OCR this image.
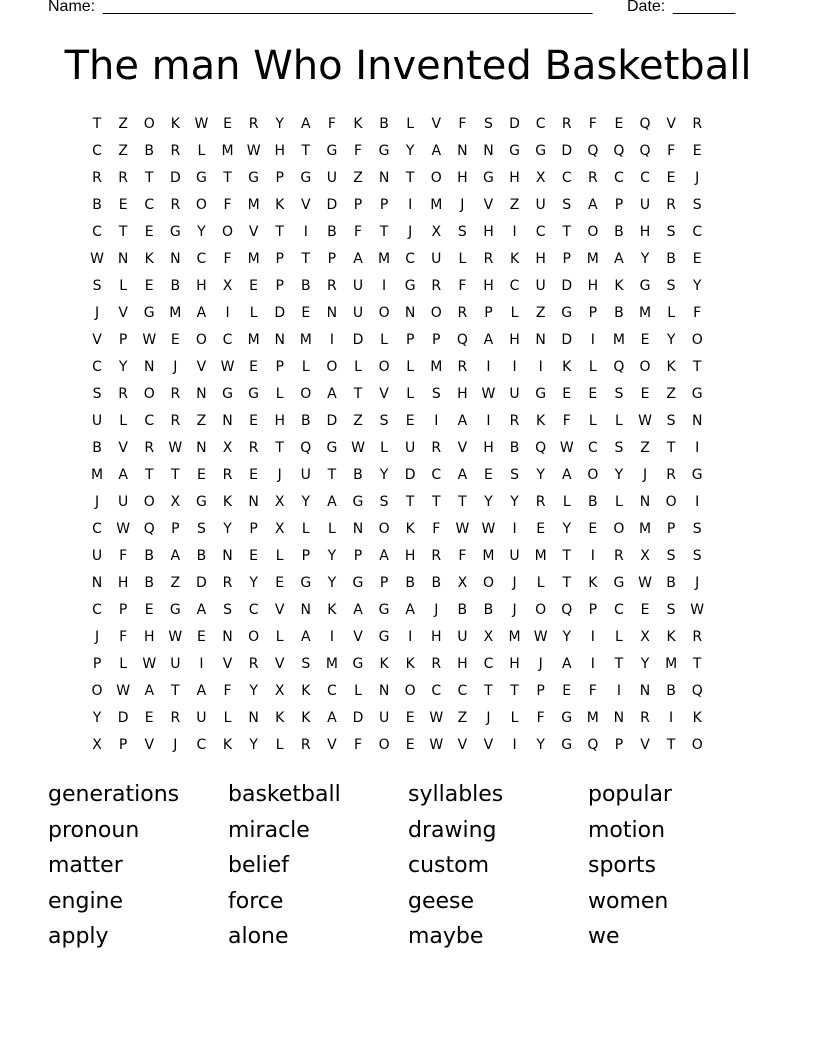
Name: _______________________________________________________ Date: _______
The man Who Invented Basketball
T	Z	O	K	W	E	R	Y	A	F	K	B	L	V	F	S	D	C	R	F	E	Q	V	R
C	Z	B	R	L	M W H	T	G	F	G	Y	A	N	N	G	G	D	Q	Q	Q	F	E
R	R	T	D	G	T	G	P	G	U	Z	N	T	O	H	G	H	X	C	R	C	C	E	J
B	E	C	R	O	F	M	K	V	D	P	P	I	M	J	V	Z	U	S	A	P	U	R	S
C	T	E	G	Y	O	V	T	I	B	F	T	J	X	S	H	I	C	T	O	B	H	S	C
W N	K	N	C	F	M	P	T	P	A	M	C	U	L	R	K	H	P	M	A	Y	B	E
S	L	E	B	H	X	E	P	B	R	U	I	G	R	F	H	C	U	D	H	K	G	S	Y
J	V	G	M	A	I	L	D	E	N	U	O	N	O	R	P	L	Z	G	P	B	M	L	F
V	P	W	E	O	C	M	N	M	I	D	L	P	P	Q	A	H	N	D	I	M	E	Y	O
C	Y	N	J	V	W	E	P	L	O	L	O	L	M	R	I	I	I	K	L	Q	O	K	T
S	R	O	R	N	G	G	L	O	A	T	V	L	S	H W	U	G	E	E	S	E	Z	G
U	L	C	R	Z	N	E	H	B	D	Z	S	E	I	A	I	R	K	F	L	L	W	S	N
B	V	R	W N	X	R	T	Q	G W	L	U	R	V	H	B	Q W	C	S	Z	T	I
M	A	T	T	E	R	E	J	U	T	B	Y	D	C	A	E	S	Y	A	O	Y	J	R	G
J	U	O	X	G	K	N	X	Y	A	G	S	T	T	T	Y	Y	R	L	B	L	N	O	I
C	W Q	P	S	Y	P	X	L	L	N	O	K	F	W W	I	E	Y	E	O	M	P	S
U	F	B	A	B	N	E	L	P	Y	P	A	H	R	F	M	U	M	T	I	R	X	S	S
N	H	B	Z	D	R	Y	E	G	Y	G	P	B	B	X	O	J	L	T	K	G W	B	J
C	P	E	G	A	S	C	V	N	K	A	G	A	J	B	B	J	O	Q	P	C	E	S	W
J	F	H W	E	N	O	L	A	I	V	G	I	H	U	X	M W	Y	I	L	X	K	R
P	L	W	U	I	V	R	V	S	M	G	K	K	R	H	C	H	J	A	I	T	Y	M	T
O W	A	T	A	F	Y	X	K	C	L	N	O	C	C	T	T	P	E	F	I	N	B	Q
Y	D	E	R	U	L	N	K	K	A	D	U	E	W	Z	J	L	F	G	M	N	R	I	K
X	P	V	J	C	K	Y	L	R	V	F	O	E	W	V	V	I	Y	G	Q	P	V	T	O
generations	basketball	syllables	popular
pronoun	miracle	drawing	motion
matter	belief	custom	sports
engine	force	geese	women
apply	alone	maybe	we
